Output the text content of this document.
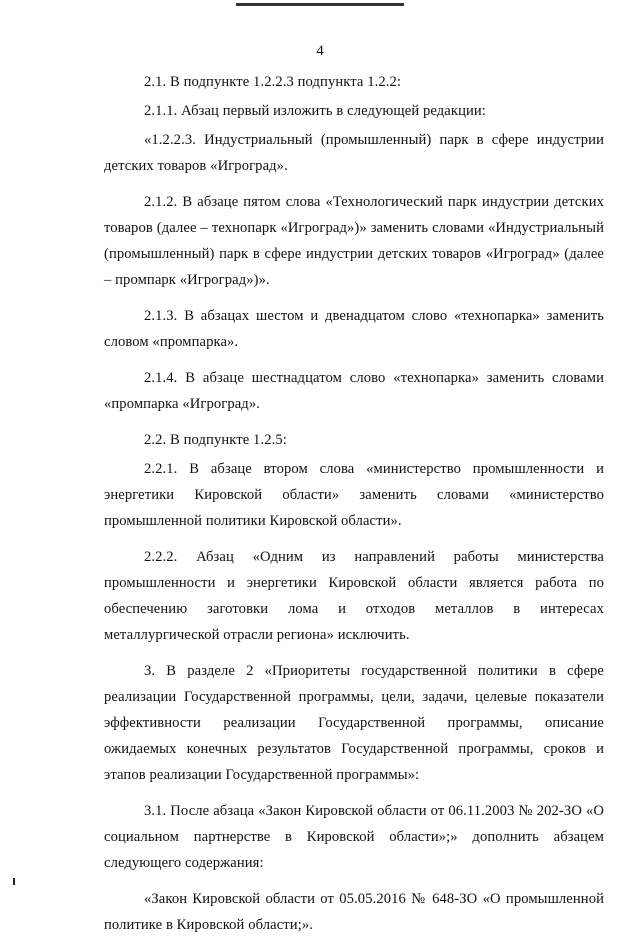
4

2.1. В подпункте 1.2.2.3 подпункта 1.2.2:

2.1.1. Абзац первый изложить в следующей редакции:

«1.2.2.3. Индустриальный (промышленный) парк в сфере индустрии детских товаров «Игроград».

2.1.2. В абзаце пятом слова «Технологический парк индустрии детских товаров (далее – технопарк «Игроград»)» заменить словами «Индустриальный (промышленный) парк в сфере индустрии детских товаров «Игроград» (далее – промпарк «Игроград»)».

2.1.3. В абзацах шестом и двенадцатом слово «технопарка» заменить словом «промпарка».

2.1.4. В абзаце шестнадцатом слово «технопарка» заменить словами «промпарка «Игроград».

2.2. В подпункте 1.2.5:

2.2.1. В абзаце втором слова «министерство промышленности и энергетики Кировской области» заменить словами «министерство промышленной политики Кировской области».

2.2.2. Абзац «Одним из направлений работы министерства промышленности и энергетики Кировской области является работа по обеспечению заготовки лома и отходов металлов в интересах металлургической отрасли региона» исключить.

3. В разделе 2 «Приоритеты государственной политики в сфере реализации Государственной программы, цели, задачи, целевые показатели эффективности реализации Государственной программы, описание ожидаемых конечных результатов Государственной программы, сроков и этапов реализации Государственной программы»:

3.1. После абзаца «Закон Кировской области от 06.11.2003 № 202-ЗО «О социальном партнерстве в Кировской области»;» дополнить абзацем следующего содержания:

«Закон Кировской области от 05.05.2016 № 648-ЗО «О промышленной политике в Кировской области;».
